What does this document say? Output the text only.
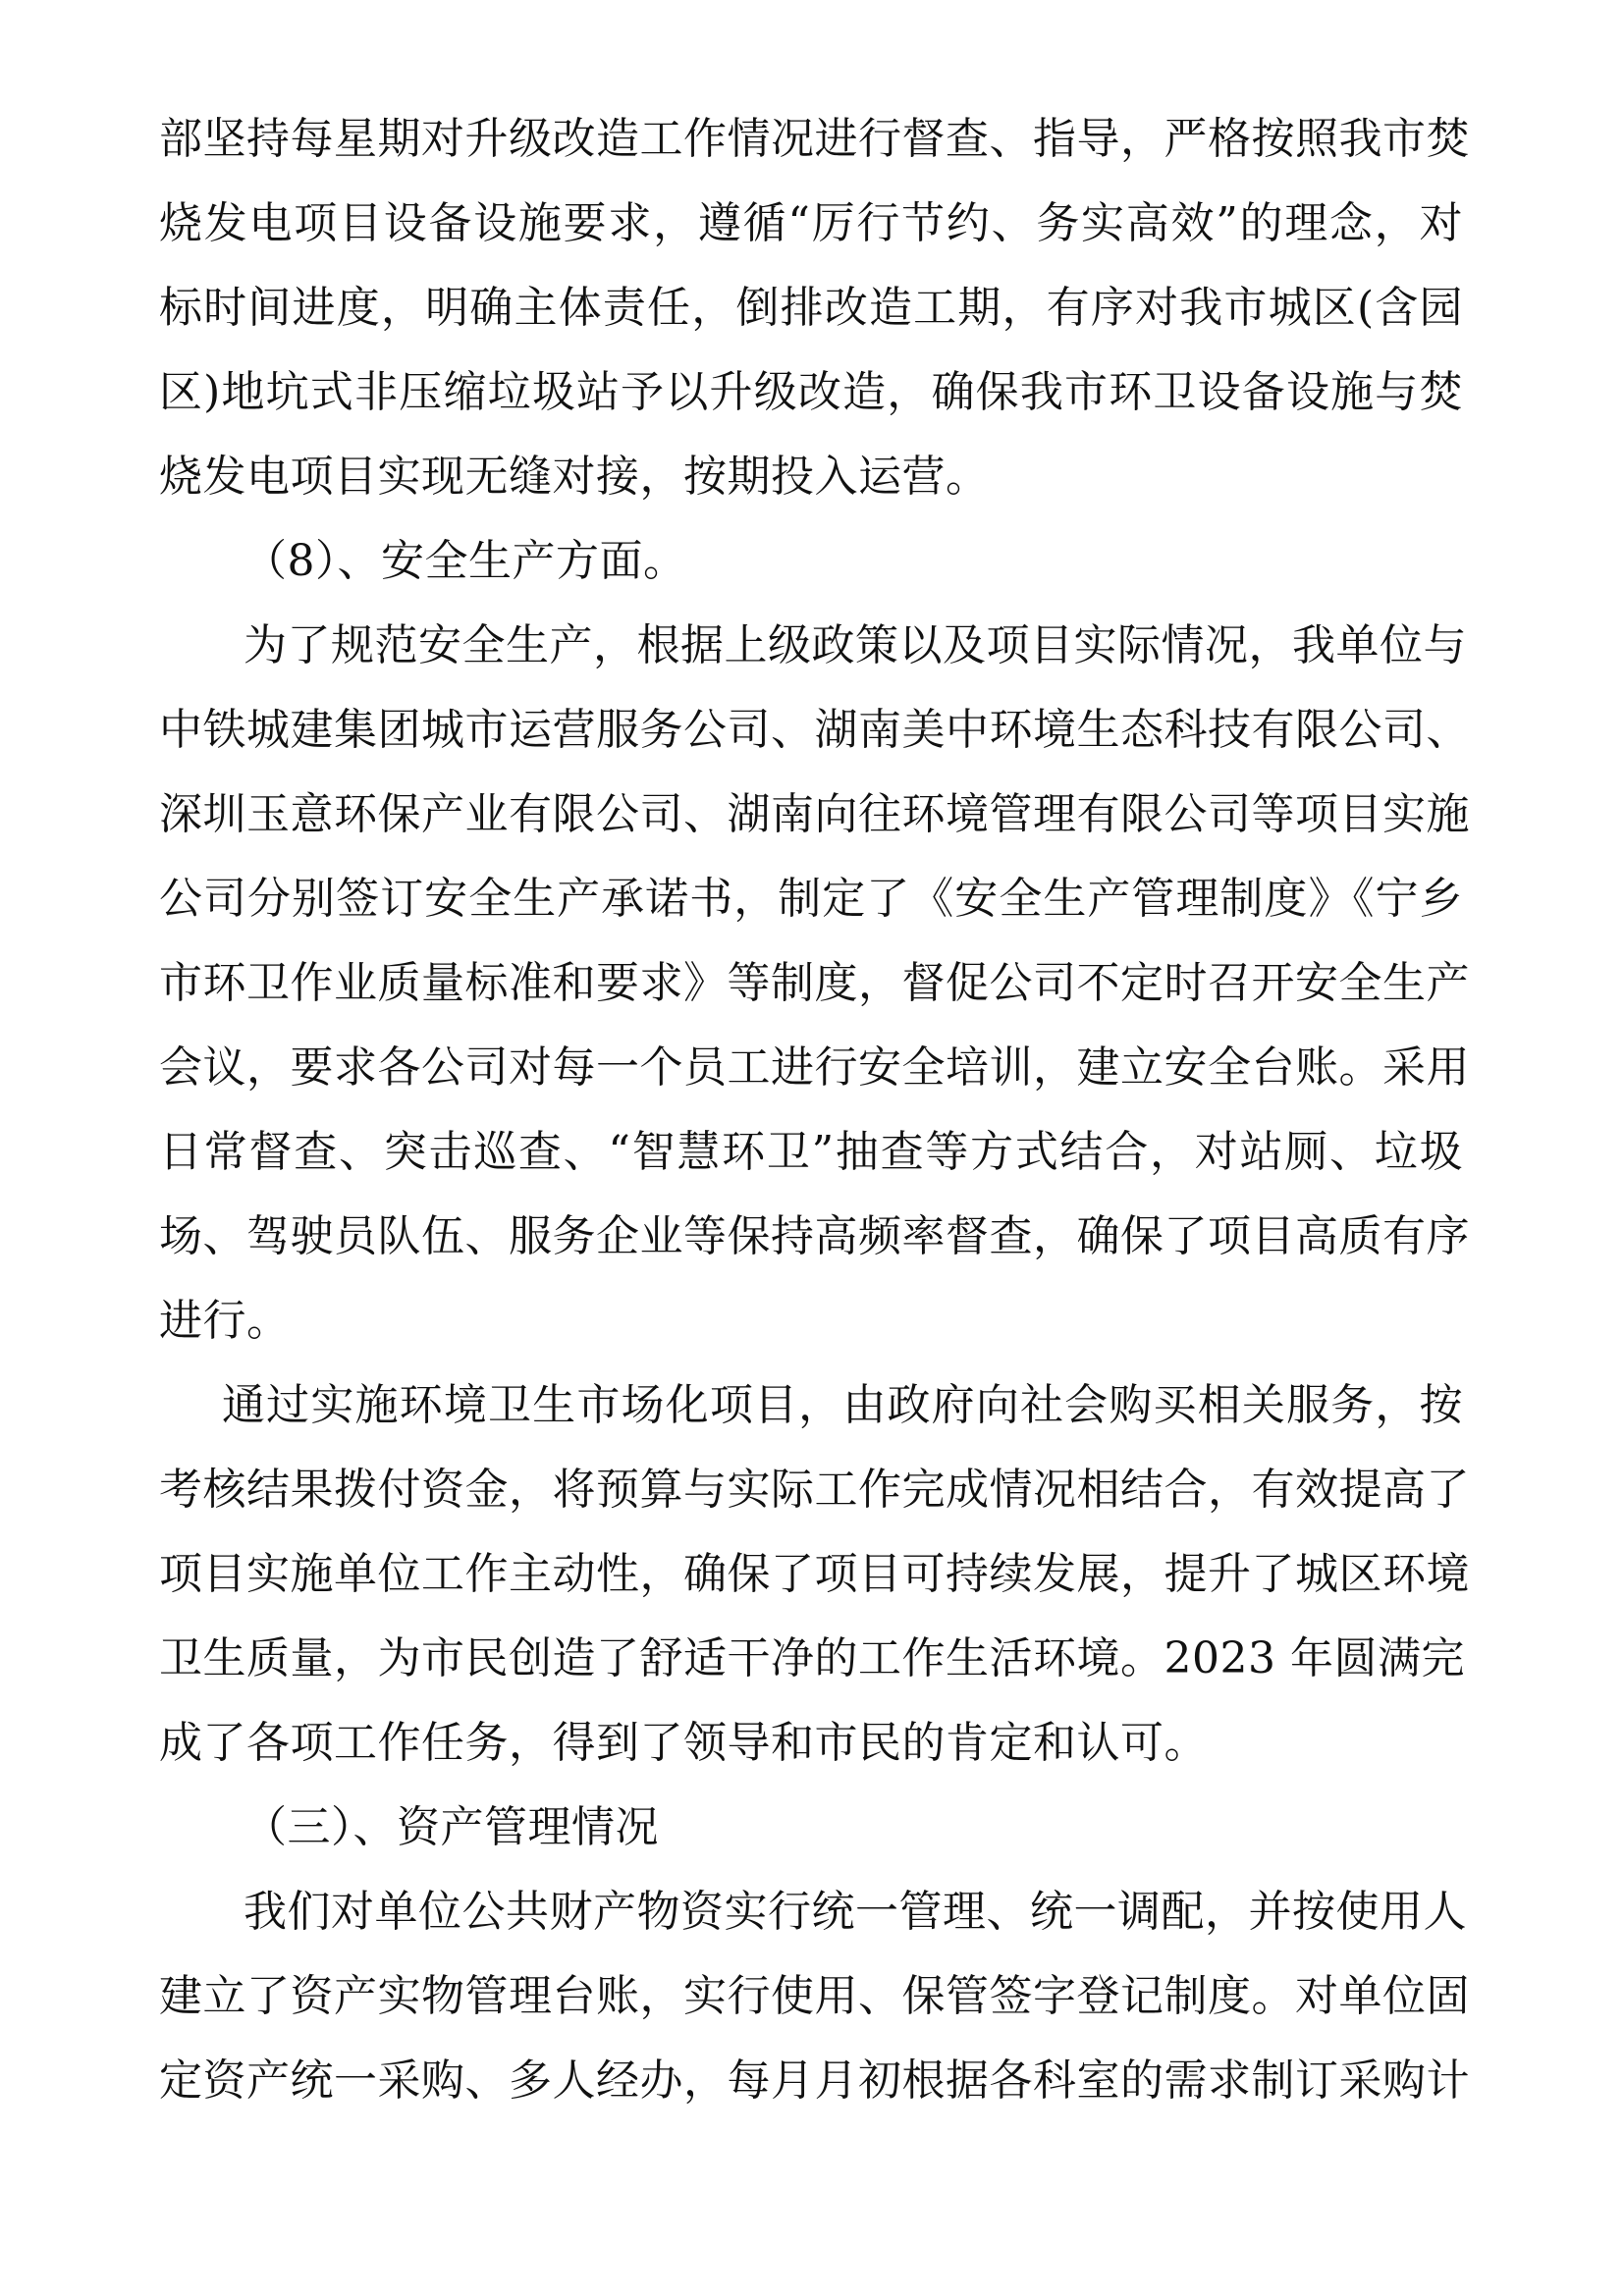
部坚持每星期对升级改造工作情况进行督查、指导，严格按照我市焚
烧发电项目设备设施要求，遵循“厉行节约、务实高效”的理念，对
标时间进度，明确主体责任，倒排改造工期，有序对我市城区(含园
区)地坑式非压缩垃圾站予以升级改造，确保我市环卫设备设施与焚
烧发电项目实现无缝对接，按期投入运营。
（8）、安全生产方面。
为了规范安全生产，根据上级政策以及项目实际情况，我单位与
中铁城建集团城市运营服务公司、湖南美中环境生态科技有限公司、
深圳玉意环保产业有限公司、湖南向往环境管理有限公司等项目实施
公司分别签订安全生产承诺书，制定了《安全生产管理制度》《宁乡
市环卫作业质量标准和要求》等制度，督促公司不定时召开安全生产
会议，要求各公司对每一个员工进行安全培训，建立安全台账。采用
日常督查、突击巡查、“智慧环卫”抽查等方式结合，对站厕、垃圾
场、驾驶员队伍、服务企业等保持高频率督查，确保了项目高质有序
进行。
通过实施环境卫生市场化项目，由政府向社会购买相关服务，按
考核结果拨付资金，将预算与实际工作完成情况相结合，有效提高了
项目实施单位工作主动性，确保了项目可持续发展，提升了城区环境
卫生质量，为市民创造了舒适干净的工作生活环境。2023 年圆满完
成了各项工作任务，得到了领导和市民的肯定和认可。
（三）、资产管理情况
我们对单位公共财产物资实行统一管理、统一调配，并按使用人
建立了资产实物管理台账，实行使用、保管签字登记制度。对单位固
定资产统一采购、多人经办，每月月初根据各科室的需求制订采购计
